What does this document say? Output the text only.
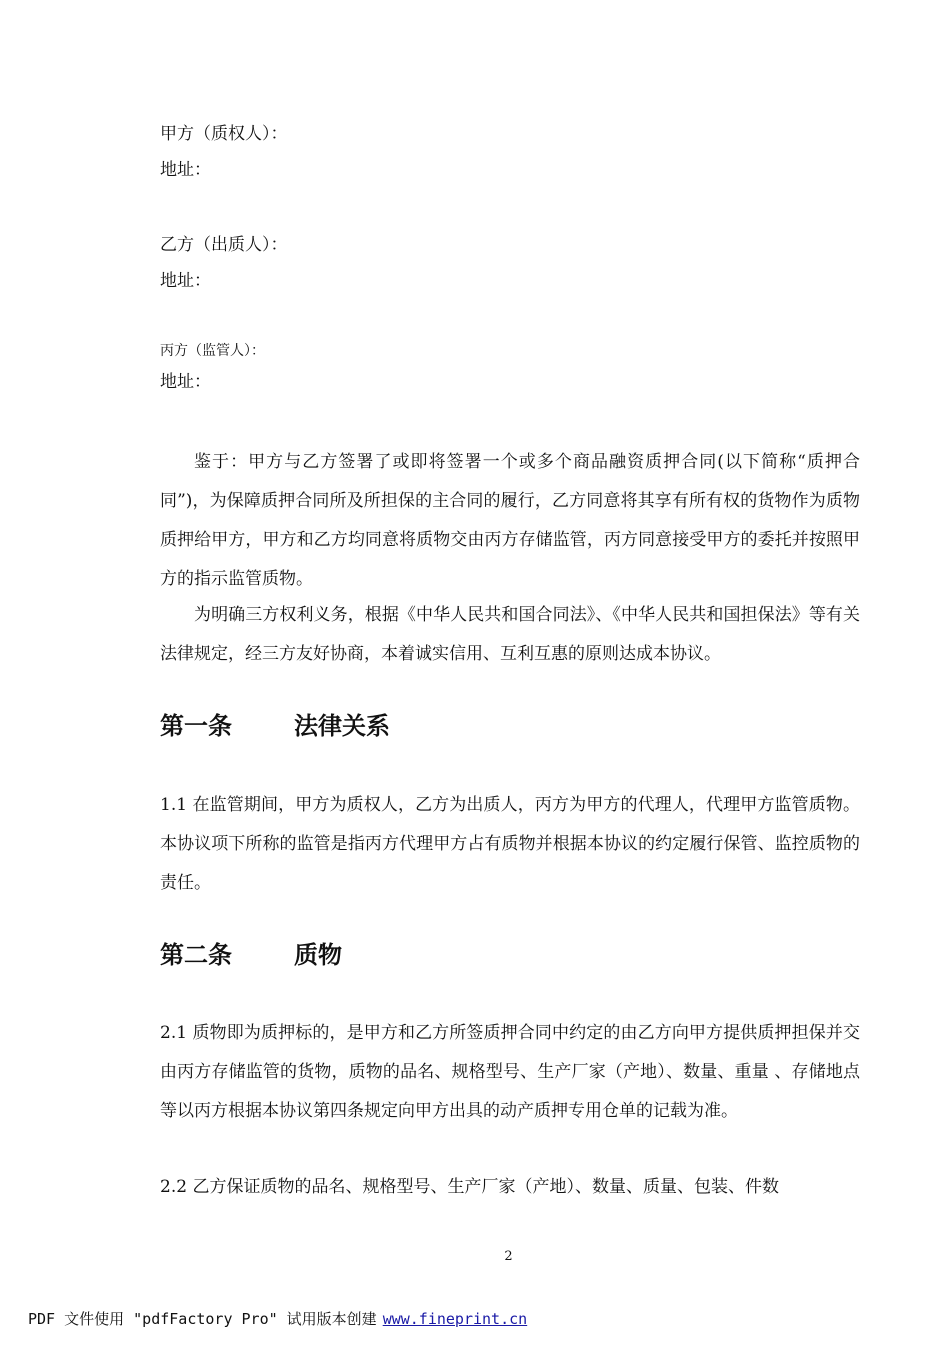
甲方（质权人）：
地址：
乙方（出质人）：
地址：
丙方（监管人）：
地址：
鉴于：甲方与乙方签署了或即将签署一个或多个商品融资质押合同(以下简称“质押合同”)，为保障质押合同所及所担保的主合同的履行，乙方同意将其享有所有权的货物作为质物质押给甲方，甲方和乙方均同意将质物交由丙方存储监管，丙方同意接受甲方的委托并按照甲方的指示监管质物。
为明确三方权利义务，根据《中华人民共和国合同法》、《中华人民共和国担保法》等有关法律规定，经三方友好协商，本着诚实信用、互利互惠的原则达成本协议。
第一条	法律关系
1.1 在监管期间，甲方为质权人，乙方为出质人，丙方为甲方的代理人，代理甲方监管质物。本协议项下所称的监管是指丙方代理甲方占有质物并根据本协议的约定履行保管、监控质物的责任。
第二条	质物
2.1 质物即为质押标的，是甲方和乙方所签质押合同中约定的由乙方向甲方提供质押担保并交由丙方存储监管的货物，质物的品名、规格型号、生产厂家（产地）、数量、重量 、存储地点等以丙方根据本协议第四条规定向甲方出具的动产质押专用仓单的记载为准。
2.2 乙方保证质物的品名、规格型号、生产厂家（产地）、数量、质量、包装、件数
2
PDF 文件使用 "pdfFactory Pro" 试用版本创建 www.fineprint.cn
